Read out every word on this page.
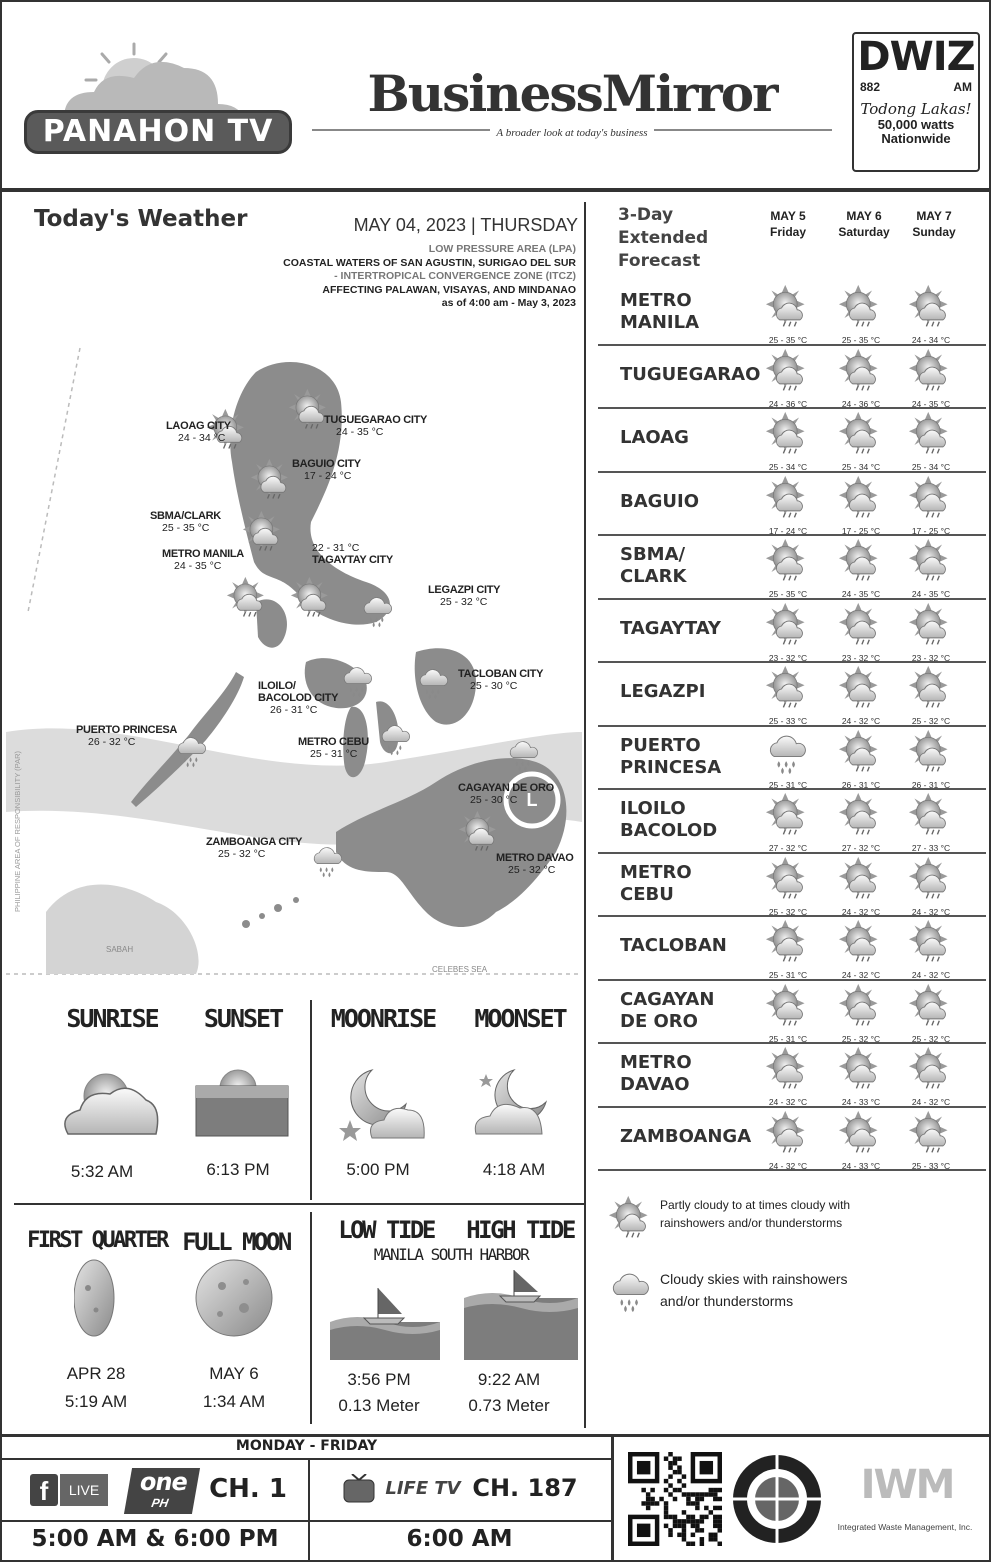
PANAHON TV
BusinessMirror
A broader look at today's business
DWIZ
882	AM
Todong Lakas!
50,000 watts
Nationwide
Today's Weather	MAY 04, 2023 | THURSDAY
LOW PRESSURE AREA (LPA)
COASTAL WATERS OF SAN AGUSTIN, SURIGAO DEL SUR
- INTERTROPICAL CONVERGENCE ZONE (ITCZ)
AFFECTING PALAWAN, VISAYAS, AND MINDANAO
as of 4:00 am - May 3, 2023
L
PHILIPPINE AREA OF RESPONSIBILITY (PAR)
SABAH
CELEBES SEA
LAOAG CITY
24 - 34 °C
TUGUEGARAO CITY
24 - 35 °C
BAGUIO CITY
17 - 24 °C
SBMA/CLARK
25 - 35 °C
METRO MANILA
24 - 35 °C
22 - 31 °C
TAGAYTAY CITY
LEGAZPI CITY
25 - 32 °C
TACLOBAN CITY
25 - 30 °C
ILOILO/
BACOLOD CITY
26 - 31 °C
PUERTO PRINCESA
26 - 32 °C	METRO CEBU
25 - 31 °C
CAGAYAN DE ORO
25 - 30 °C
ZAMBOANGA CITY
25 - 32 °C	METRO DAVAO
25 - 32 °C
3-Day
Extended
Forecast
MAY 5
Friday
MAY 6
Saturday
MAY 7
Sunday
METRO
MANILA
25 - 35 °C	25 - 35 °C	24 - 34 °C
TUGUEGARAO
24 - 36 °C	24 - 36 °C	24 - 35 °C
LAOAG
25 - 34 °C	25 - 34 °C	25 - 34 °C
BAGUIO
17 - 24 °C	17 - 25 °C	17 - 25 °C
SBMA/
CLARK
25 - 35 °C	24 - 35 °C	24 - 35 °C
TAGAYTAY
23 - 32 °C	23 - 32 °C	23 - 32 °C
LEGAZPI
25 - 33 °C	24 - 32 °C	25 - 32 °C
PUERTO
PRINCESA
25 - 31 °C	26 - 31 °C	26 - 31 °C
ILOILO
BACOLOD
27 - 32 °C	27 - 32 °C	27 - 33 °C
METRO
CEBU
25 - 32 °C	24 - 32 °C	24 - 32 °C
TACLOBAN
25 - 31 °C	24 - 32 °C	24 - 32 °C
CAGAYAN
DE ORO
25 - 31 °C	25 - 32 °C	25 - 32 °C
METRO
DAVAO
24 - 32 °C	24 - 33 °C	24 - 32 °C
ZAMBOANGA
24 - 32 °C	24 - 33 °C	25 - 33 °C
Partly cloudy to at times cloudy with
rainshowers and/or thunderstorms
Cloudy skies with rainshowers
and/or thunderstorms
SUNRISE	SUNSET	MOONRISE	MOONSET
5:32 AM	6:13 PM	5:00 PM	4:18 AM
FIRST QUARTER FULL MOON
APR 28
5:19 AM
MAY 6
1:34 AM
LOW TIDE	HIGH TIDE
MANILA SOUTH HARBOR
3:56 PM
0.13 Meter
9:22 AM
0.73 Meter
MONDAY - FRIDAY
f	LIVE	one
PH	CH. 1	LIFE TV CH. 187
5:00 AM & 6:00 PM	6:00 AM
IWM
Integrated Waste Management, Inc.
